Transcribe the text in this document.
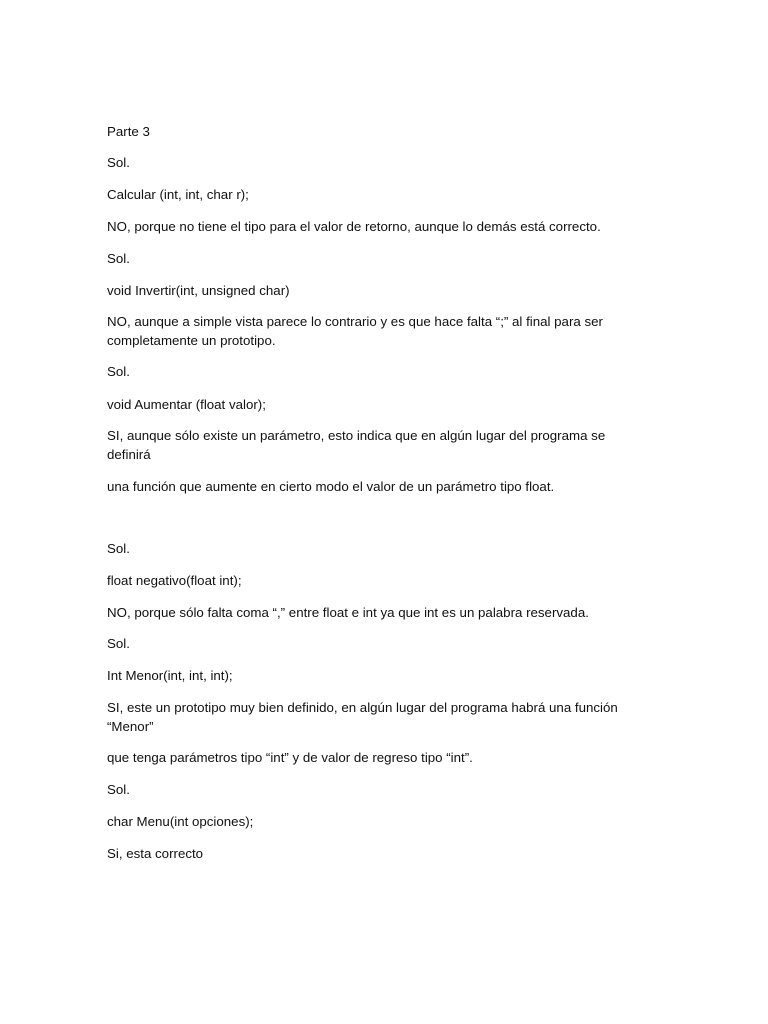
Parte 3

Sol.

Calcular (int, int, char r);

NO, porque no tiene el tipo para el valor de retorno, aunque lo demás está correcto.

Sol.

void Invertir(int, unsigned char)

NO, aunque a simple vista parece lo contrario y es que hace falta “;” al final para ser completamente un prototipo.

Sol.

void Aumentar (float valor);

SI, aunque sólo existe un parámetro, esto indica que en algún lugar del programa se definirá

una función que aumente en cierto modo el valor de un parámetro tipo float.

Sol.

float negativo(float int);

NO, porque sólo falta coma “,” entre float e int ya que int es un palabra reservada.

Sol.

Int Menor(int, int, int);

SI, este un prototipo muy bien definido, en algún lugar del programa habrá una función “Menor”

que tenga parámetros tipo “int” y de valor de regreso tipo “int”.

Sol.

char Menu(int opciones);

Si, esta correcto
